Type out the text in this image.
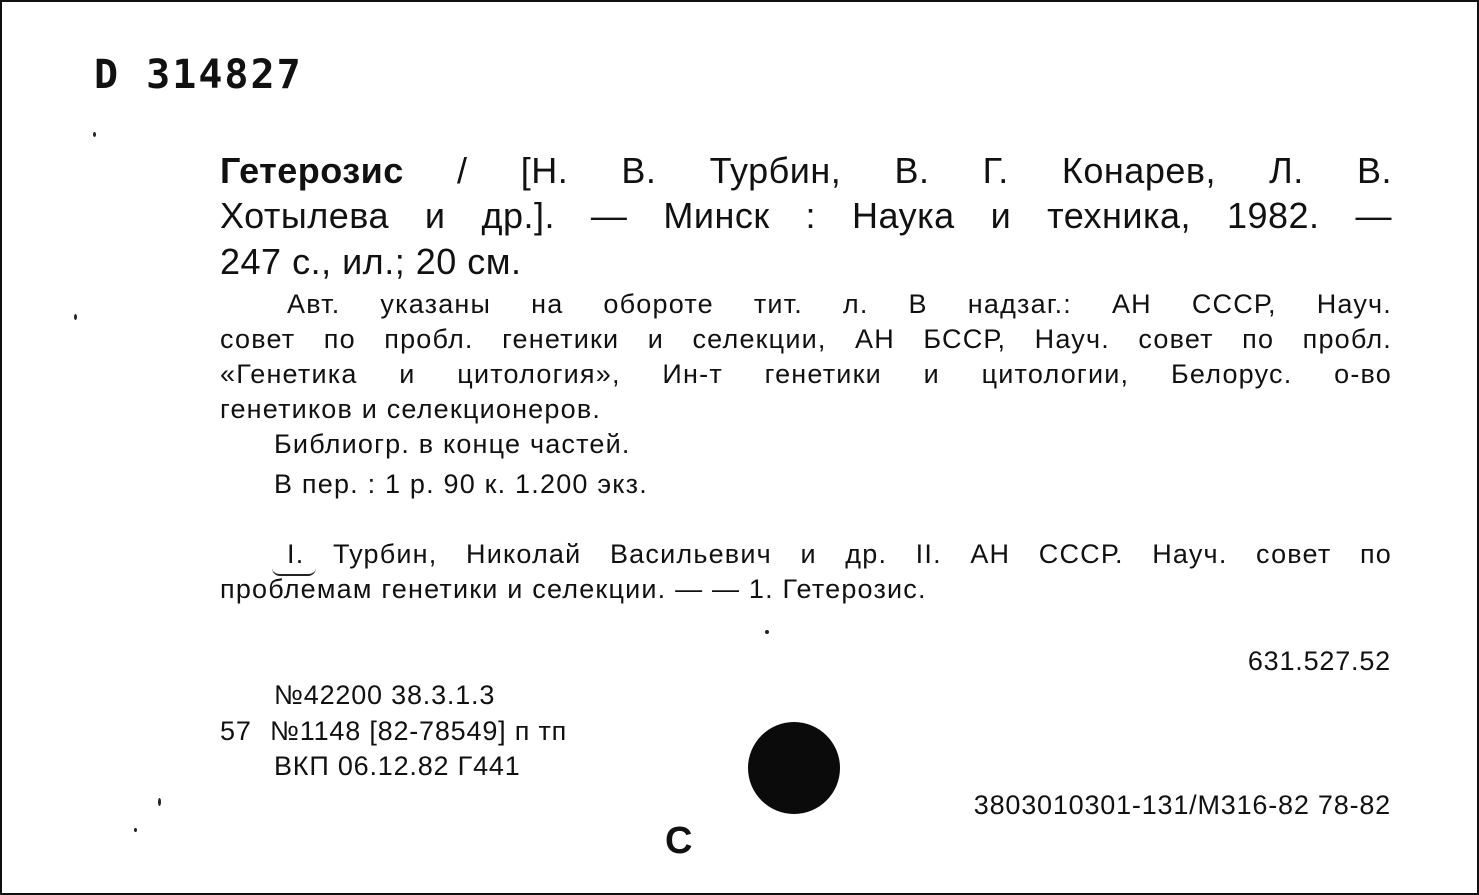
D 314827
Гетерозис / [Н. В. Турбин, В. Г. Конарев, Л. В.
Хотылева и др.]. — Минск : Наука и техника, 1982. —
247 с., ил.; 20 см.
Авт. указаны на обороте тит. л. В надзаг.: АН СССР, Науч.
совет по пробл. генетики и селекции, АН БССР, Науч. совет по пробл.
«Генетика и цитология», Ин-т генетики и цитологии, Белорус. о-во
генетиков и селекционеров.
Библиогр. в конце частей.
В пер. : 1 р. 90 к. 1.200 экз.
I. Турбин, Николай Васильевич и др. II. АН СССР. Науч. совет по
проблемам генетики и селекции. — — 1. Гетерозис.
631.527.52
№42200 38.3.1.3
57 №1148 [82-78549] п тп
ВКП 06.12.82 Г441
3803010301-131/М316-82 78-82
C
